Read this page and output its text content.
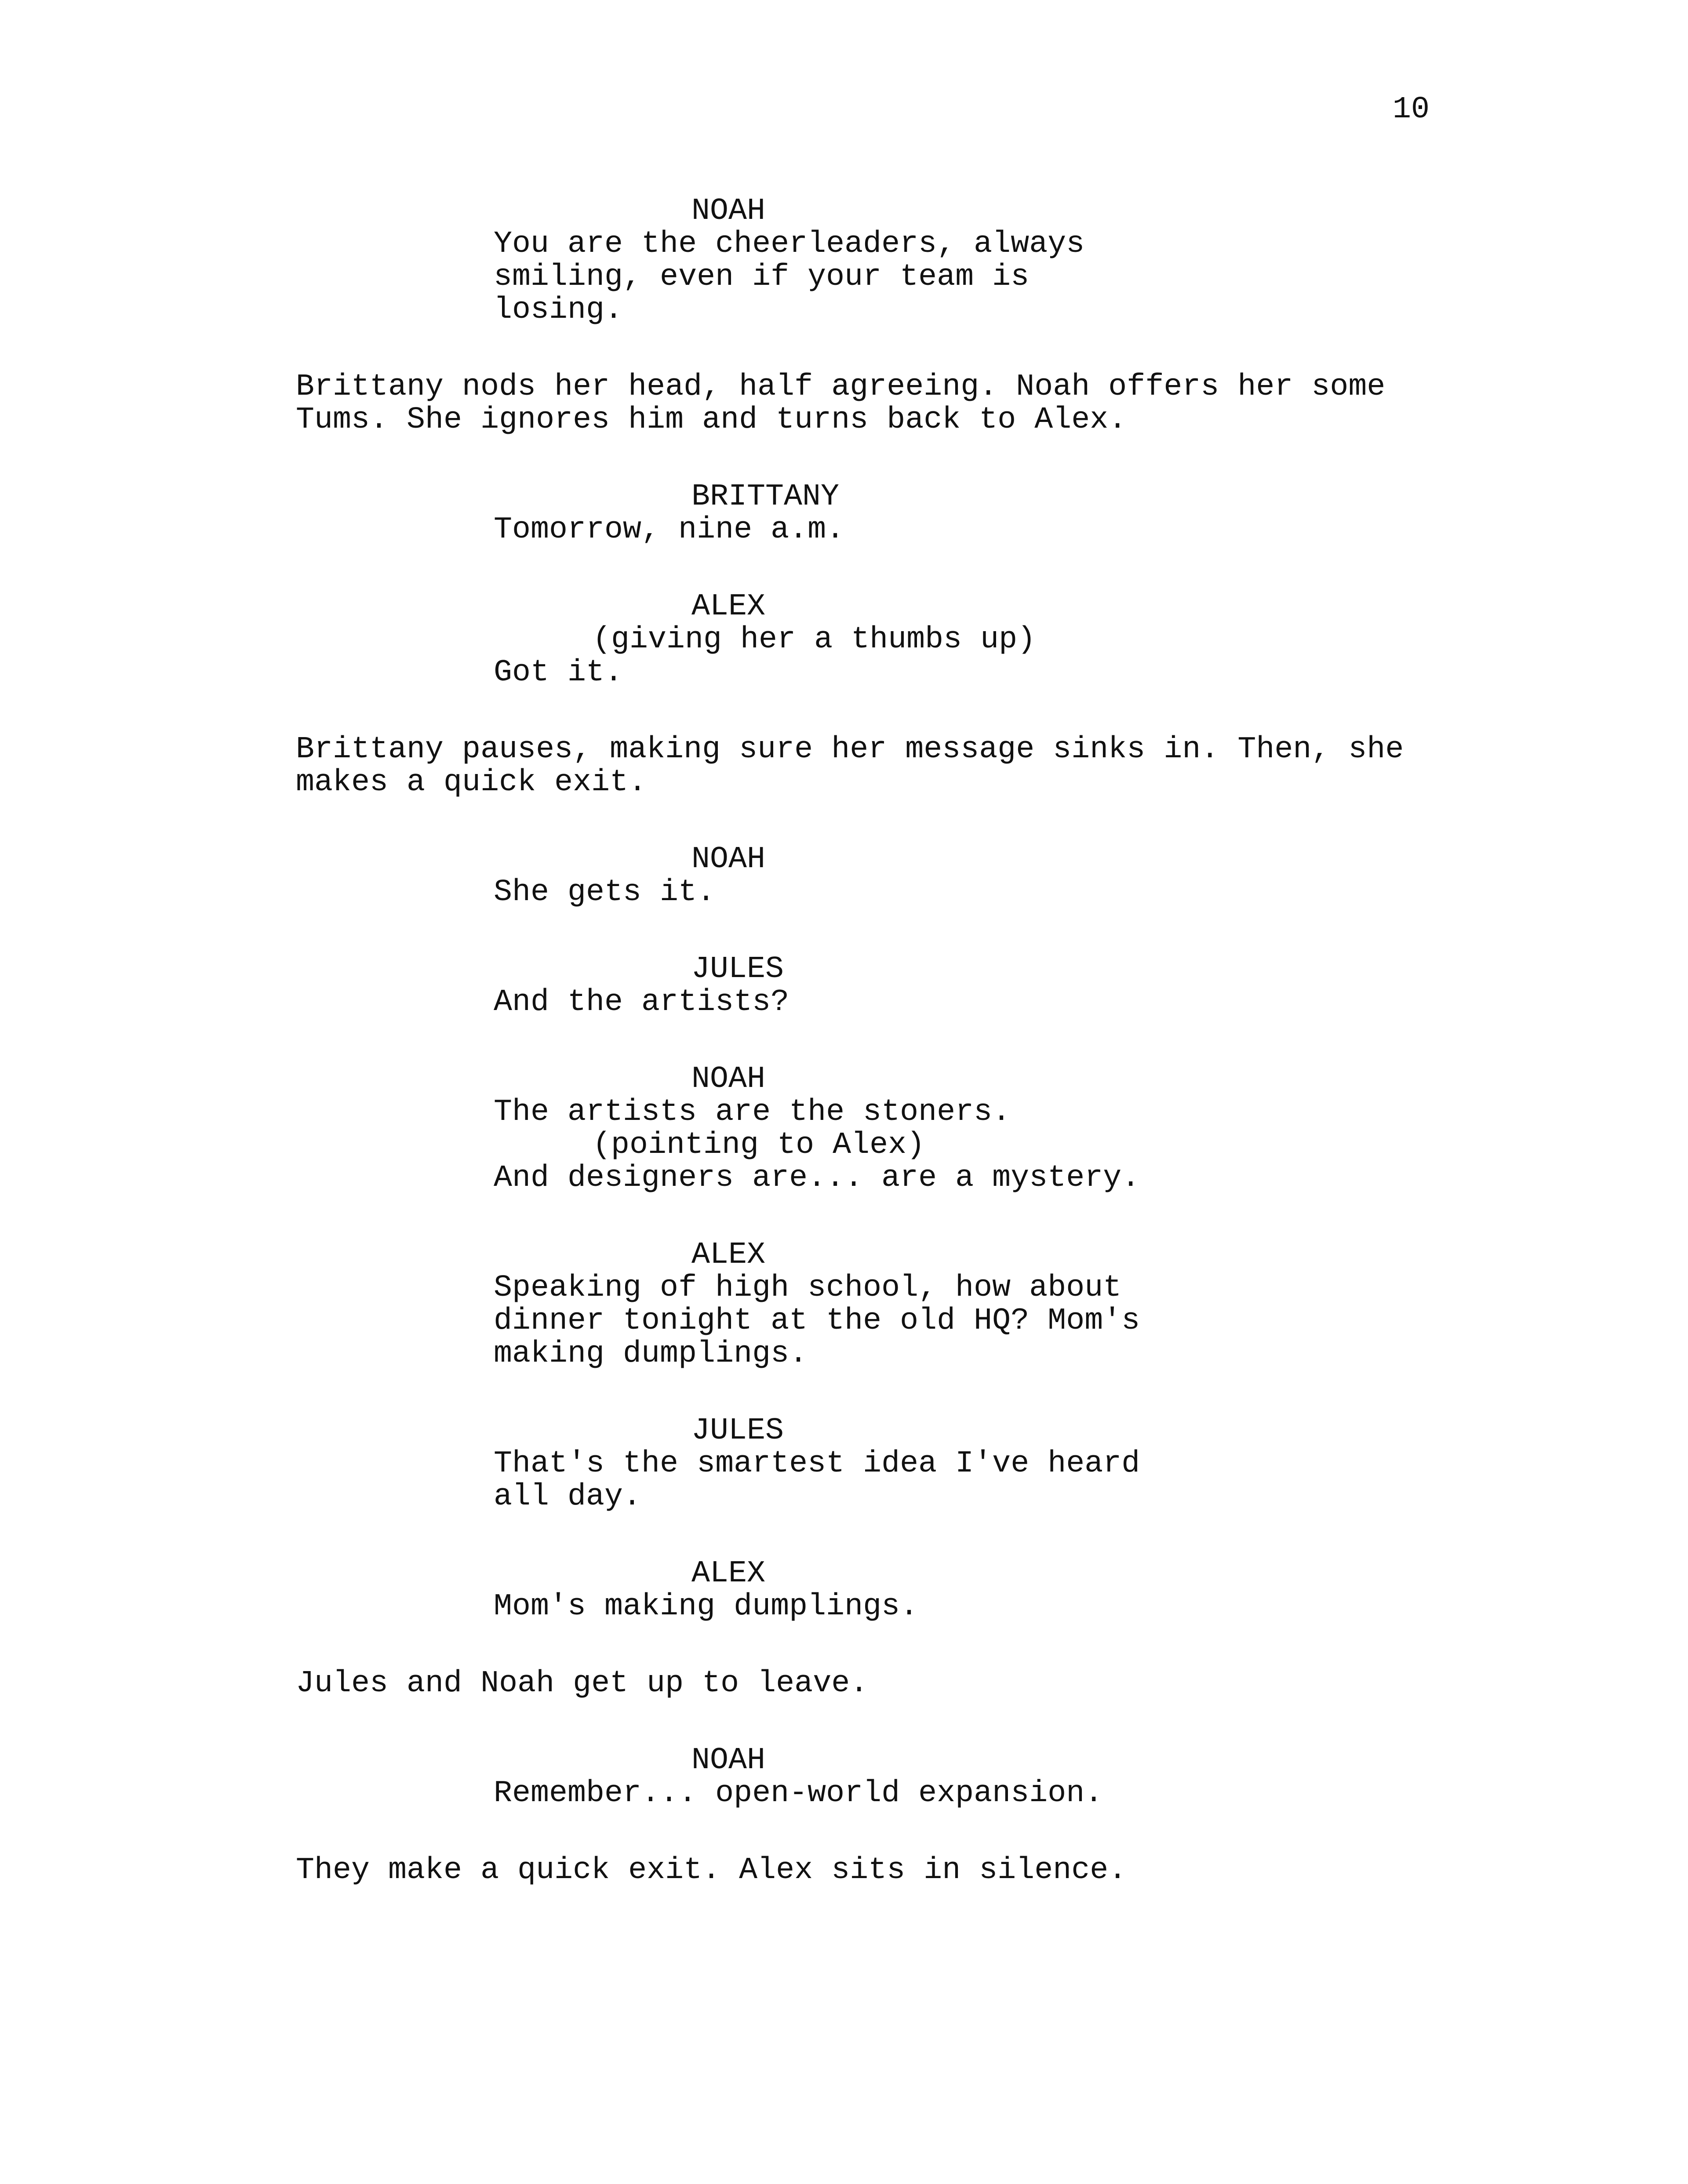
10
NOAH
You are the cheerleaders, always
smiling, even if your team is
losing.
Brittany nods her head, half agreeing. Noah offers her some
Tums. She ignores him and turns back to Alex.
BRITTANY
Tomorrow, nine a.m.
ALEX
(giving her a thumbs up)
Got it.
Brittany pauses, making sure her message sinks in. Then, she
makes a quick exit.
NOAH
She gets it.
JULES
And the artists?
NOAH
The artists are the stoners.
(pointing to Alex)
And designers are... are a mystery.
ALEX
Speaking of high school, how about
dinner tonight at the old HQ? Mom's
making dumplings.
JULES
That's the smartest idea I've heard
all day.
ALEX
Mom's making dumplings.
Jules and Noah get up to leave.
NOAH
Remember... open-world expansion.
They make a quick exit. Alex sits in silence.
